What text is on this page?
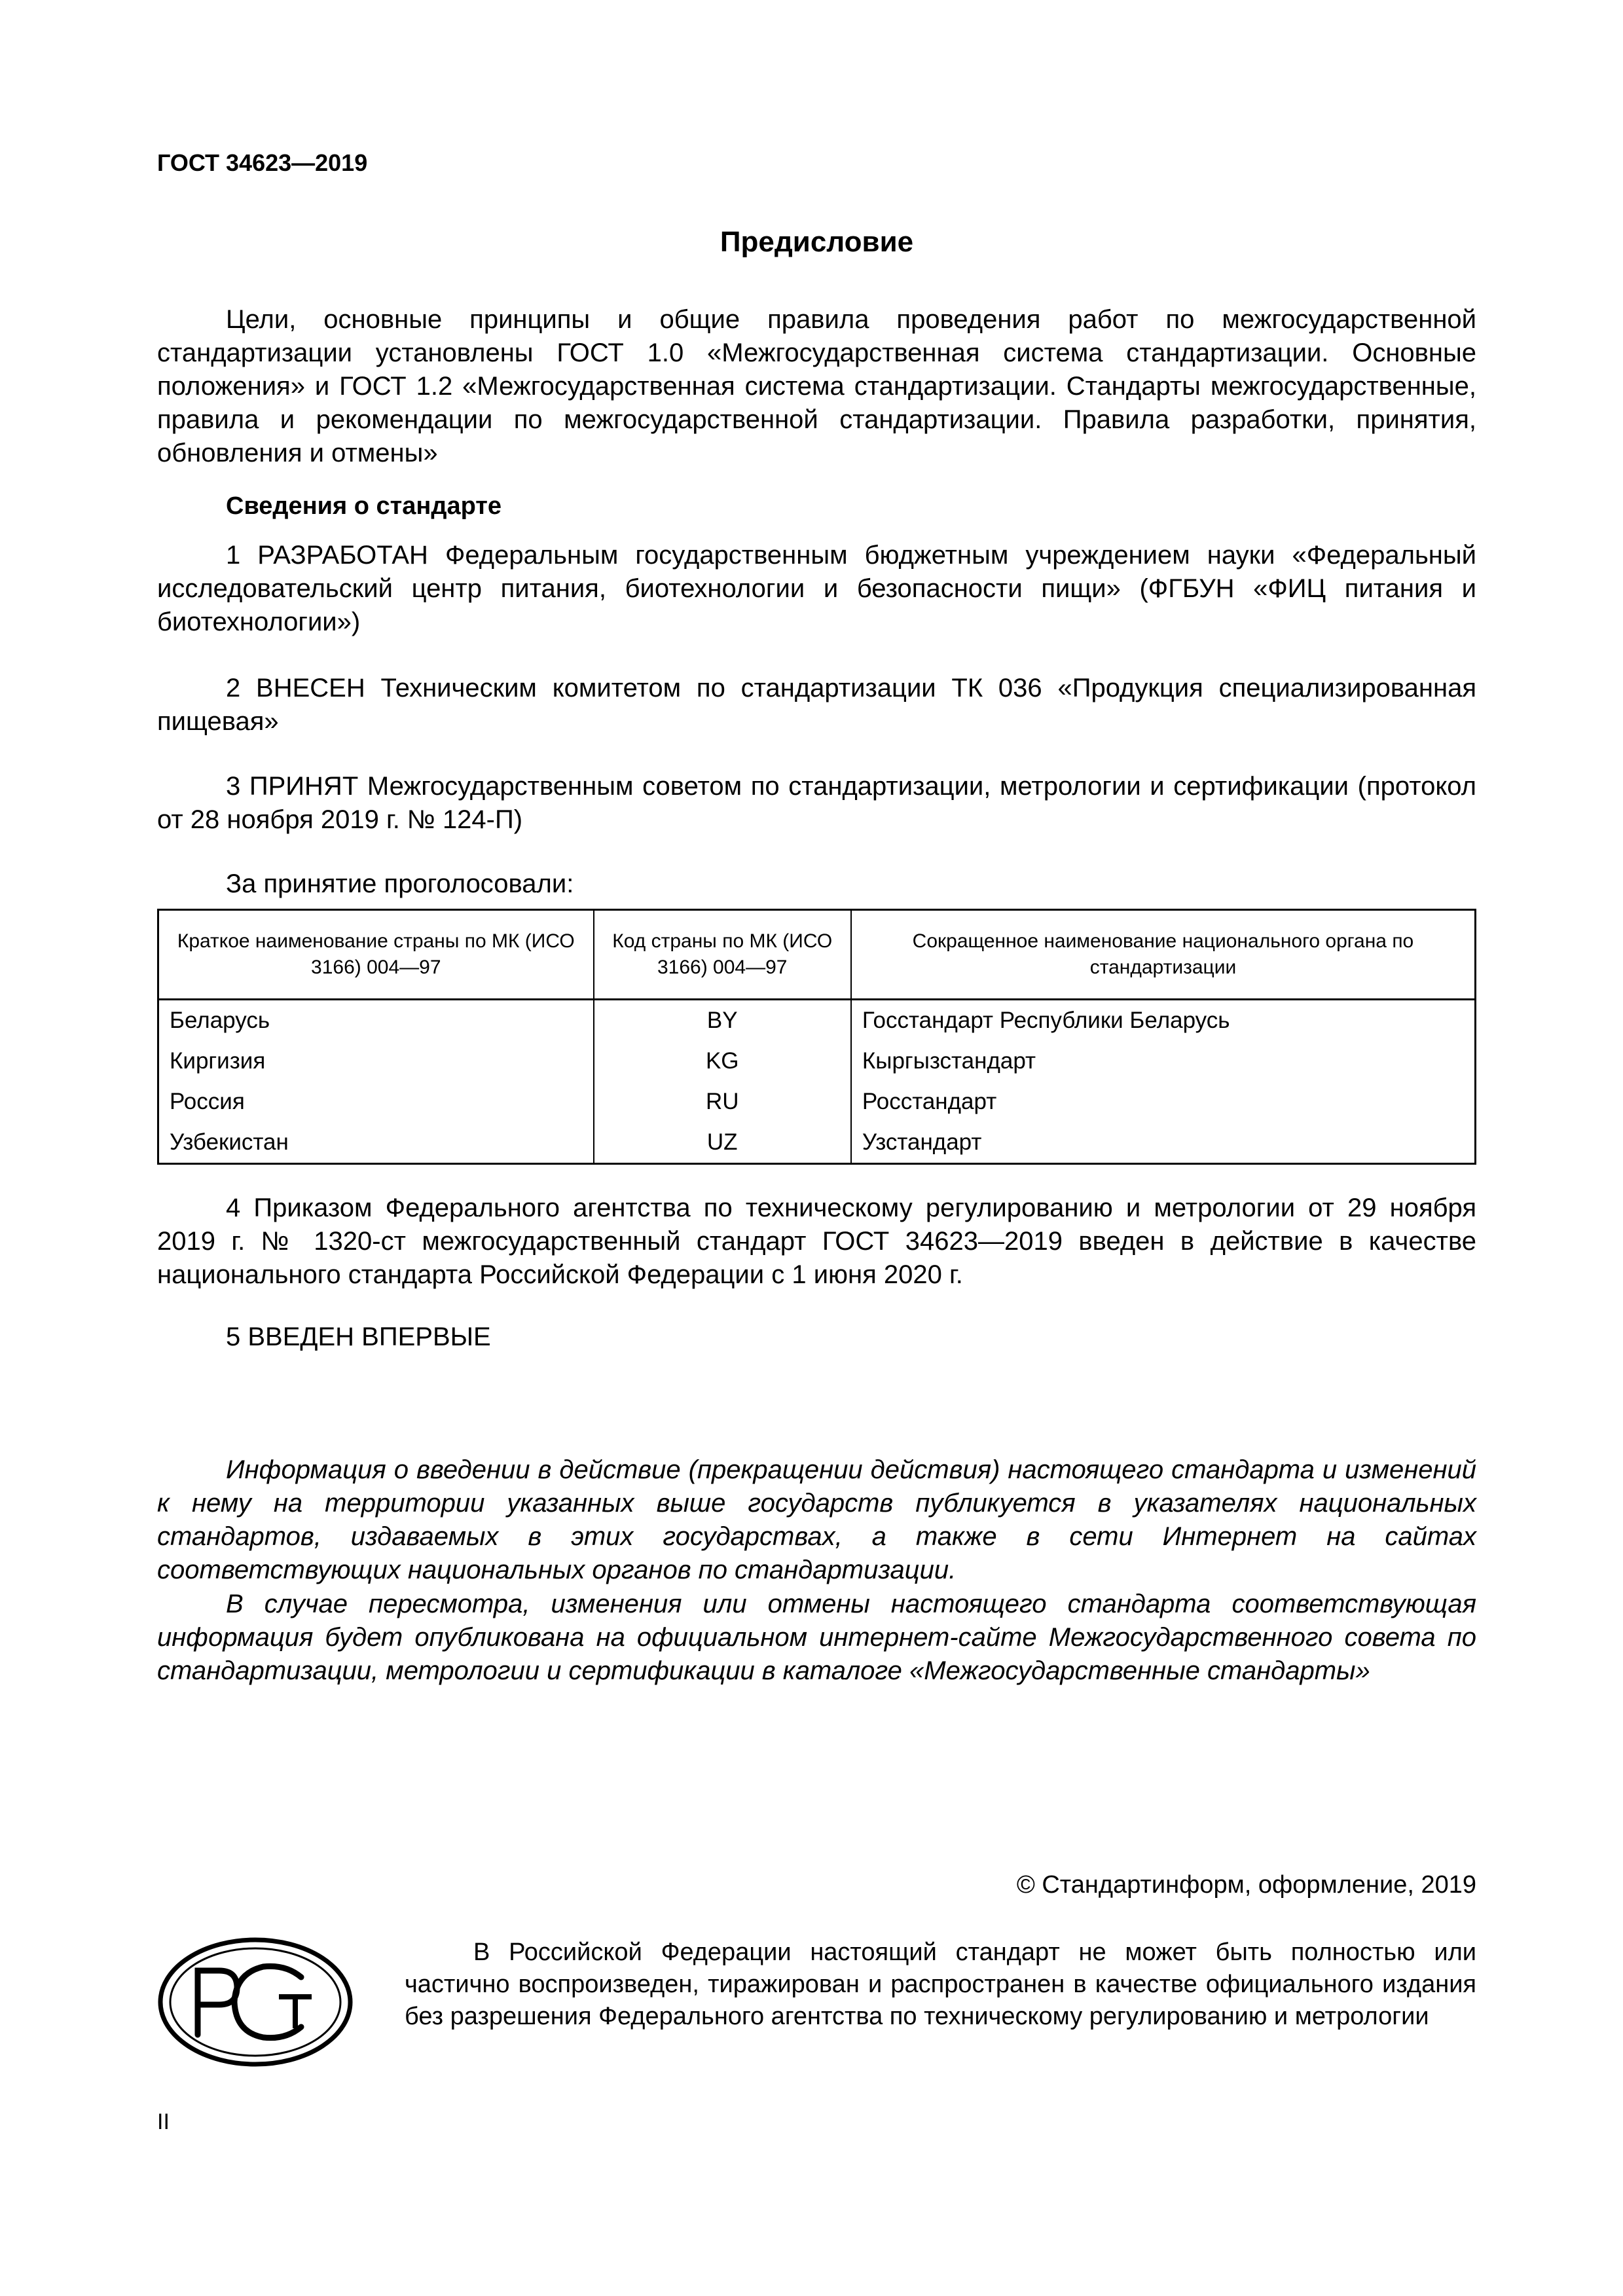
ГОСТ 34623—2019
Предисловие

Цели, основные принципы и общие правила проведения работ по межгосударственной стандартизации установлены ГОСТ 1.0 «Межгосударственная система стандартизации. Основные положения» и ГОСТ 1.2 «Межгосударственная система стандартизации. Стандарты межгосударственные, правила и рекомендации по межгосударственной стандартизации. Правила разработки, принятия, обновления и отмены»

Сведения о стандарте

1 РАЗРАБОТАН Федеральным государственным бюджетным учреждением науки «Федеральный исследовательский центр питания, биотехнологии и безопасности пищи» (ФГБУН «ФИЦ питания и биотехнологии»)

2 ВНЕСЕН Техническим комитетом по стандартизации ТК 036 «Продукция специализированная пищевая»

3 ПРИНЯТ Межгосударственным советом по стандартизации, метрологии и сертификации (протокол от 28 ноября 2019 г. № 124-П)

За принятие проголосовали:
Краткое наименование страны по МК (ИСО 3166) 004—97	Код страны по МК (ИСО 3166) 004—97	Сокращенное наименование национального органа по стандартизации
Беларусь	BY	Госстандарт Республики Беларусь
Киргизия	KG	Кыргызстандарт
Россия	RU	Росстандарт
Узбекистан	UZ	Узстандарт

4 Приказом Федерального агентства по техническому регулированию и метрологии от 29 ноября 2019 г. № 1320-ст межгосударственный стандарт ГОСТ 34623—2019 введен в действие в качестве национального стандарта Российской Федерации с 1 июня 2020 г.

5 ВВЕДЕН ВПЕРВЫЕ

Информация о введении в действие (прекращении действия) настоящего стандарта и изменений к нему на территории указанных выше государств публикуется в указателях национальных стандартов, издаваемых в этих государствах, а также в сети Интернет на сайтах соответствующих национальных органов по стандартизации.

В случае пересмотра, изменения или отмены настоящего стандарта соответствующая информация будет опубликована на официальном интернет-сайте Межгосударственного совета по стандартизации, метрологии и сертификации в каталоге «Межгосударственные стандарты»

© Стандартинформ, оформление, 2019

В Российской Федерации настоящий стандарт не может быть полностью или частично воспроизведен, тиражирован и распространен в качестве официального издания без разрешения Федерального агентства по техническому регулированию и метрологии

II
